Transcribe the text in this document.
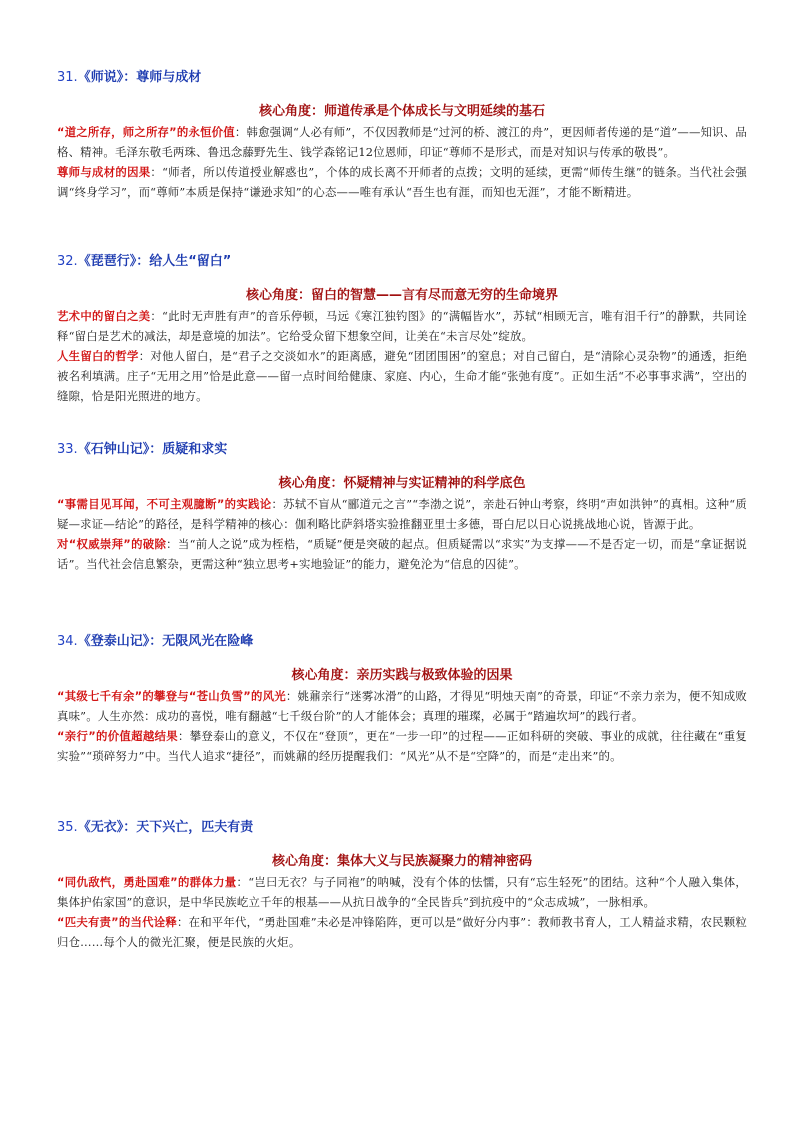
31.《师说》：尊师与成材
核心角度：师道传承是个体成长与文明延续的基石
“道之所存，师之所存”的永恒价值：韩愈强调“人必有师”，不仅因教师是“过河的桥、渡江的舟”，更因师者传递的是“道”——知识、品格、精神。毛泽东敬毛两珠、鲁迅念藤野先生、钱学森铭记12位恩师，印证“尊师不是形式，而是对知识与传承的敬畏”。
尊师与成材的因果：“师者，所以传道授业解惑也”，个体的成长离不开师者的点拨；文明的延续，更需“师传生继”的链条。当代社会强调“终身学习”，而“尊师”本质是保持“谦逊求知”的心态——唯有承认“吾生也有涯，而知也无涯”，才能不断精进。
32.《琵琶行》：给人生“留白”
核心角度：留白的智慧——言有尽而意无穷的生命境界
艺术中的留白之美：“此时无声胜有声”的音乐停顿，马远《寒江独钓图》的“满幅皆水”，苏轼“相顾无言，唯有泪千行”的静默，共同诠释“留白是艺术的减法，却是意境的加法”。它给受众留下想象空间，让美在“未言尽处”绽放。
人生留白的哲学：对他人留白，是“君子之交淡如水”的距离感，避免“团团围困”的窒息；对自己留白，是“清除心灵杂物”的通透，拒绝被名利填满。庄子“无用之用”恰是此意——留一点时间给健康、家庭、内心，生命才能“张弛有度”。正如生活“不必事事求满”，空出的缝隙，恰是阳光照进的地方。
33.《石钟山记》：质疑和求实
核心角度：怀疑精神与实证精神的科学底色
“事需目见耳闻，不可主观臆断”的实践论：苏轼不盲从“郦道元之言”“李渤之说”，亲赴石钟山考察，终明“声如洪钟”的真相。这种“质疑—求证—结论”的路径，是科学精神的核心：伽利略比萨斜塔实验推翻亚里士多德，哥白尼以日心说挑战地心说，皆源于此。
对“权威崇拜”的破除：当“前人之说”成为桎梏，“质疑”便是突破的起点。但质疑需以“求实”为支撑——不是否定一切，而是“拿证据说话”。当代社会信息繁杂，更需这种“独立思考+实地验证”的能力，避免沦为“信息的囚徒”。
34.《登泰山记》：无限风光在险峰
核心角度：亲历实践与极致体验的因果
“其级七千有余”的攀登与“苍山负雪”的风光：姚鼐亲行“迷雾冰滑”的山路，才得见“明烛天南”的奇景，印证“不亲力亲为，便不知成败真味”。人生亦然：成功的喜悦，唯有翻越“七千级台阶”的人才能体会；真理的璀璨，必属于“踏遍坎坷”的践行者。
“亲行”的价值超越结果：攀登泰山的意义，不仅在“登顶”，更在“一步一印”的过程——正如科研的突破、事业的成就，往往藏在“重复实验”“琐碎努力”中。当代人追求“捷径”，而姚鼐的经历提醒我们：“风光”从不是“空降”的，而是“走出来”的。
35.《无衣》：天下兴亡，匹夫有责
核心角度：集体大义与民族凝聚力的精神密码
“同仇敌忾，勇赴国难”的群体力量：“岂曰无衣？与子同袍”的呐喊，没有个体的怯懦，只有“忘生轻死”的团结。这种“个人融入集体，集体护佑家国”的意识，是中华民族屹立千年的根基——从抗日战争的“全民皆兵”到抗疫中的“众志成城”，一脉相承。
“匹夫有责”的当代诠释：在和平年代，“勇赴国难”未必是冲锋陷阵，更可以是“做好分内事”：教师教书育人，工人精益求精，农民颗粒归仓……每个人的微光汇聚，便是民族的火炬。
